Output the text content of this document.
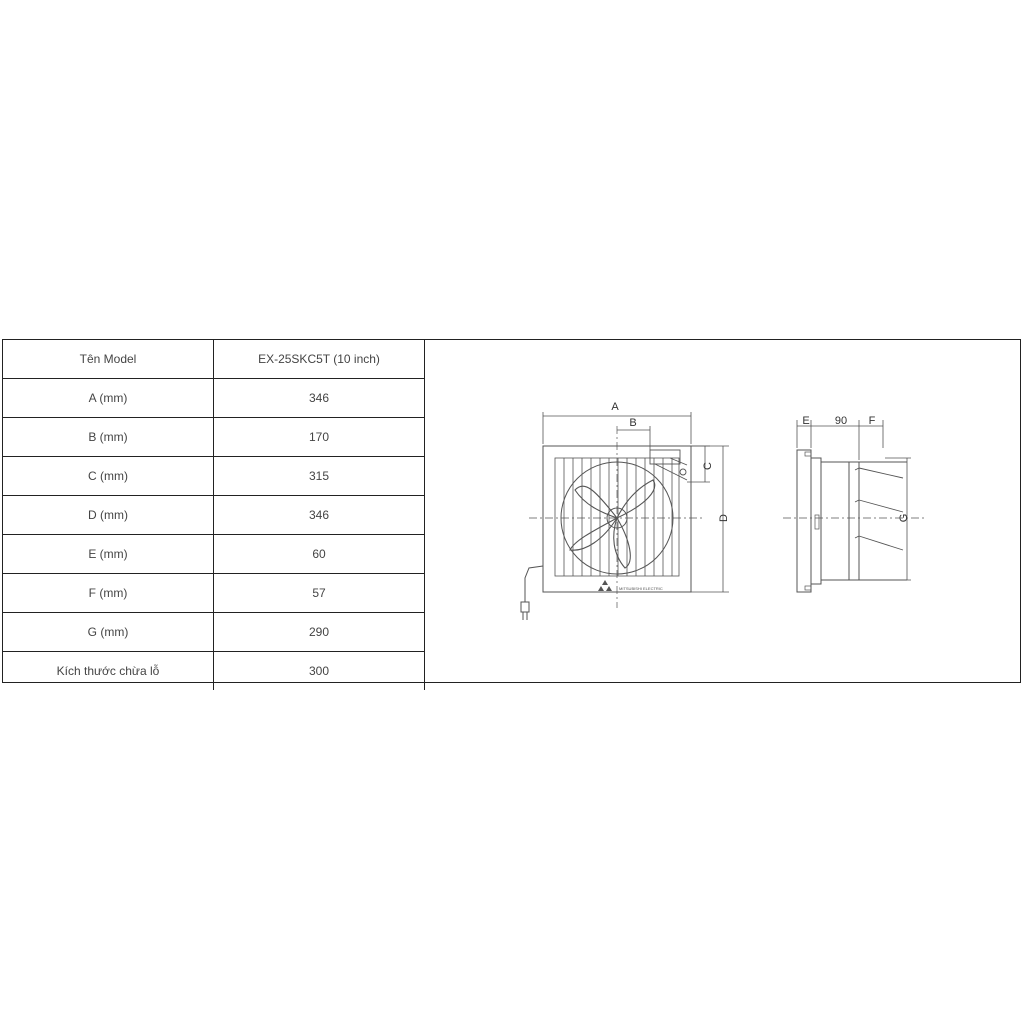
Tên Model	EX-25SKC5T (10 inch)
A (mm)	346
B (mm)	170
C (mm)	315
D (mm)	346
E (mm)	60
F (mm)	57
G (mm)	290
Kích thước chừa lỗ	300
A
B
C
D
E 90 F
G
MITSUBISHI ELECTRIC
